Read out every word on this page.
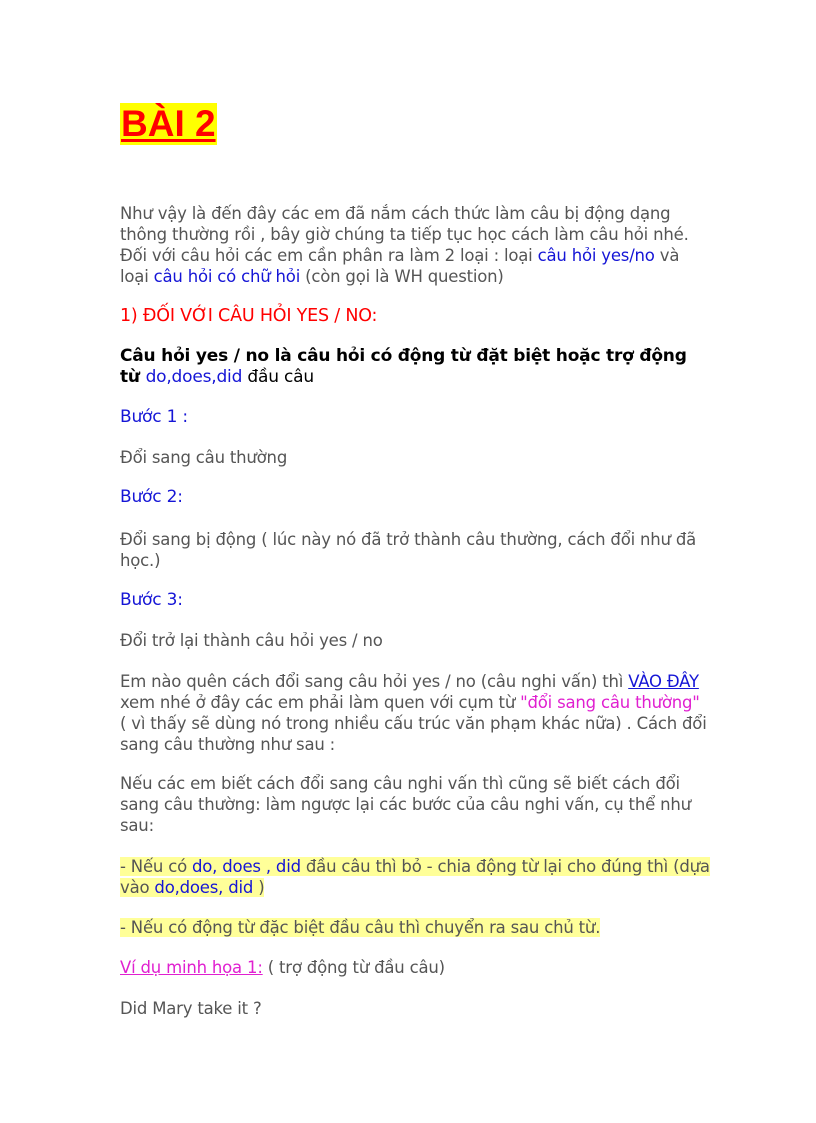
BÀI 2

Như vậy là đến đây các em đã nắm cách thức làm câu bị động dạng thông thường rồi , bây giờ chúng ta tiếp tục học cách làm câu hỏi nhé. Đối với câu hỏi các em cần phân ra làm 2 loại : loại câu hỏi yes/no và loại câu hỏi có chữ hỏi (còn gọi là WH question)

1) ĐỐI VỚI CÂU HỎI YES / NO:

Câu hỏi yes / no là câu hỏi có động từ đặt biệt hoặc trợ động từ do,does,did đầu câu

Bước 1 :

Đổi sang câu thường

Bước 2:

Đổi sang bị động ( lúc này nó đã trở thành câu thường, cách đổi như đã học.)

Bước 3:

Đổi trở lại thành câu hỏi yes / no

Em nào quên cách đổi sang câu hỏi yes / no (câu nghi vấn) thì VÀO ĐÂY xem nhé ở đây các em phải làm quen với cụm từ "đổi sang câu thường" ( vì thấy sẽ dùng nó trong nhiều cấu trúc văn phạm khác nữa) . Cách đổi sang câu thường như sau :

Nếu các em biết cách đổi sang câu nghi vấn thì cũng sẽ biết cách đổi sang câu thường: làm ngược lại các bước của câu nghi vấn, cụ thể như sau:

- Nếu có do, does , did đầu câu thì bỏ - chia động từ lại cho đúng thì (dựa vào do,does, did )

- Nếu có động từ đặc biệt đầu câu thì chuyển ra sau chủ từ.

Ví dụ minh họa 1: ( trợ động từ đầu câu)

Did Mary take it ?
